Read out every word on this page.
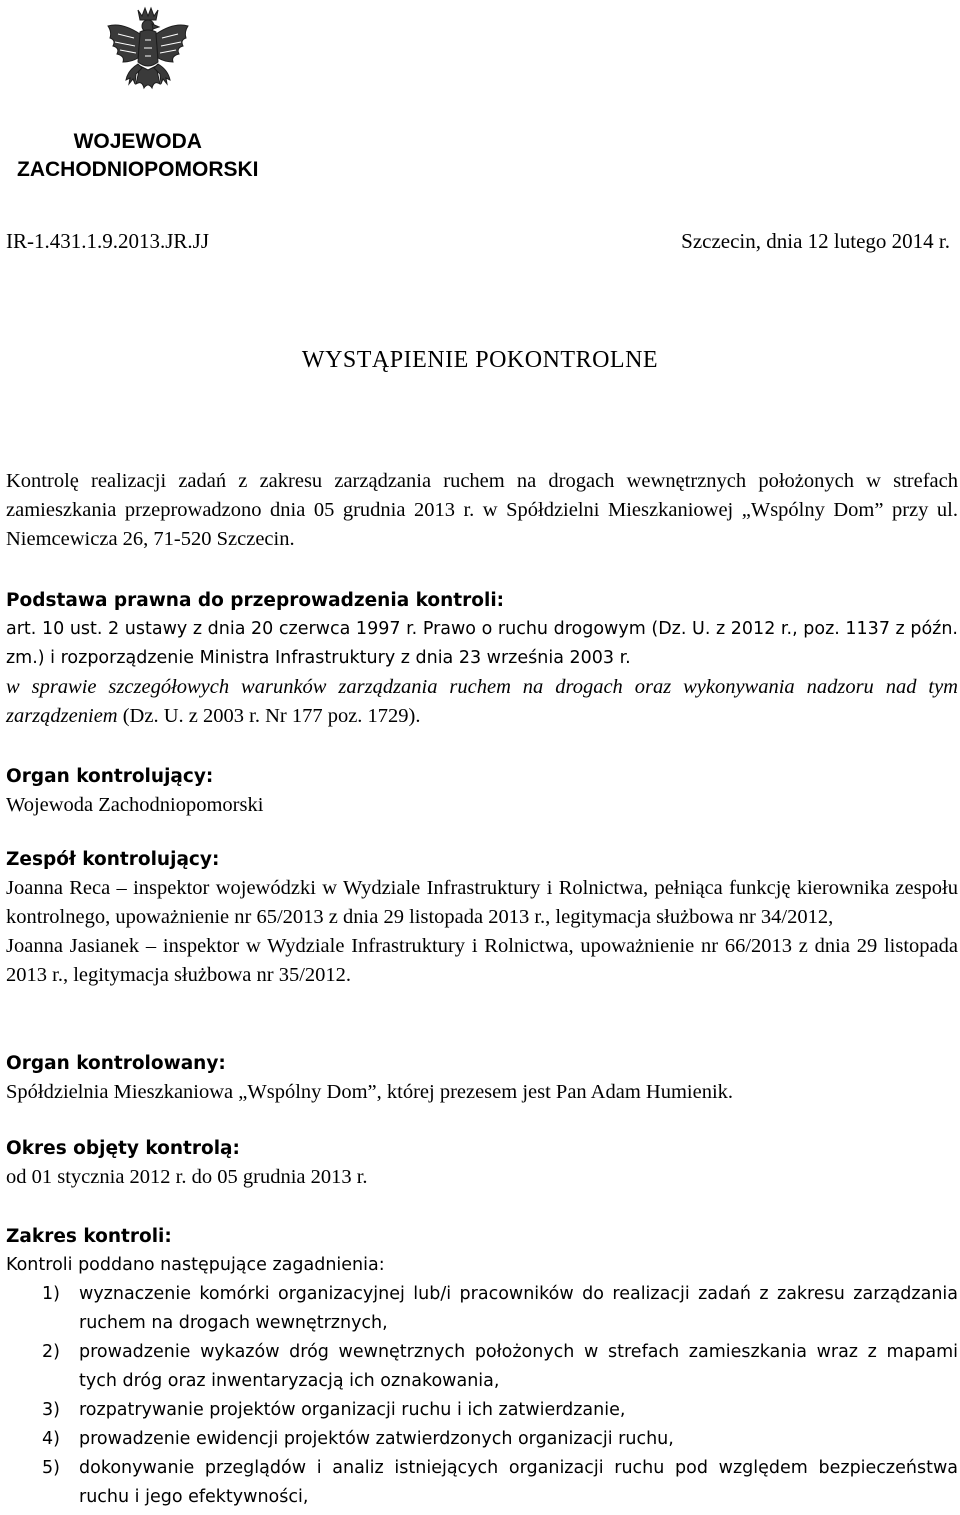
WOJEWODA
ZACHODNIOPOMORSKI
IR-1.431.1.9.2013.JR.JJ	Szczecin, dnia 12 lutego 2014 r.
WYSTĄPIENIE POKONTROLNE
Kontrolę realizacji zadań z zakresu zarządzania ruchem na drogach wewnętrznych położonych w strefach zamieszkania przeprowadzono dnia 05 grudnia 2013 r. w Spółdzielni Mieszkaniowej „Wspólny Dom” przy ul. Niemcewicza 26, 71-520 Szczecin.
Podstawa prawna do przeprowadzenia kontroli:
art. 10 ust. 2 ustawy z dnia 20 czerwca 1997 r. Prawo o ruchu drogowym (Dz. U. z 2012 r., poz. 1137 z późn. zm.) i rozporządzenie Ministra Infrastruktury z dnia 23 września 2003 r.
w sprawie szczegółowych warunków zarządzania ruchem na drogach oraz wykonywania nadzoru nad tym zarządzeniem (Dz. U. z 2003 r. Nr 177 poz. 1729).
Organ kontrolujący:
Wojewoda Zachodniopomorski
Zespół kontrolujący:
Joanna Reca – inspektor wojewódzki w Wydziale Infrastruktury i Rolnictwa, pełniąca funkcję kierownika zespołu kontrolnego, upoważnienie nr 65/2013 z dnia 29 listopada 2013 r., legitymacja służbowa nr 34/2012,
Joanna Jasianek – inspektor w Wydziale Infrastruktury i Rolnictwa, upoważnienie nr 66/2013 z dnia 29 listopada 2013 r., legitymacja służbowa nr 35/2012.
Organ kontrolowany:
Spółdzielnia Mieszkaniowa „Wspólny Dom”, której prezesem jest Pan Adam Humienik.
Okres objęty kontrolą:
od 01 stycznia 2012 r. do 05 grudnia 2013 r.
Zakres kontroli:
Kontroli poddano następujące zagadnienia:
1) wyznaczenie komórki organizacyjnej lub/i pracowników do realizacji zadań z zakresu zarządzania ruchem na drogach wewnętrznych,
2) prowadzenie wykazów dróg wewnętrznych położonych w strefach zamieszkania wraz z mapami tych dróg oraz inwentaryzacją ich oznakowania,
3) rozpatrywanie projektów organizacji ruchu i ich zatwierdzanie,
4) prowadzenie ewidencji projektów zatwierdzonych organizacji ruchu,
5) dokonywanie przeglądów i analiz istniejących organizacji ruchu pod względem bezpieczeństwa ruchu i jego efektywności,
